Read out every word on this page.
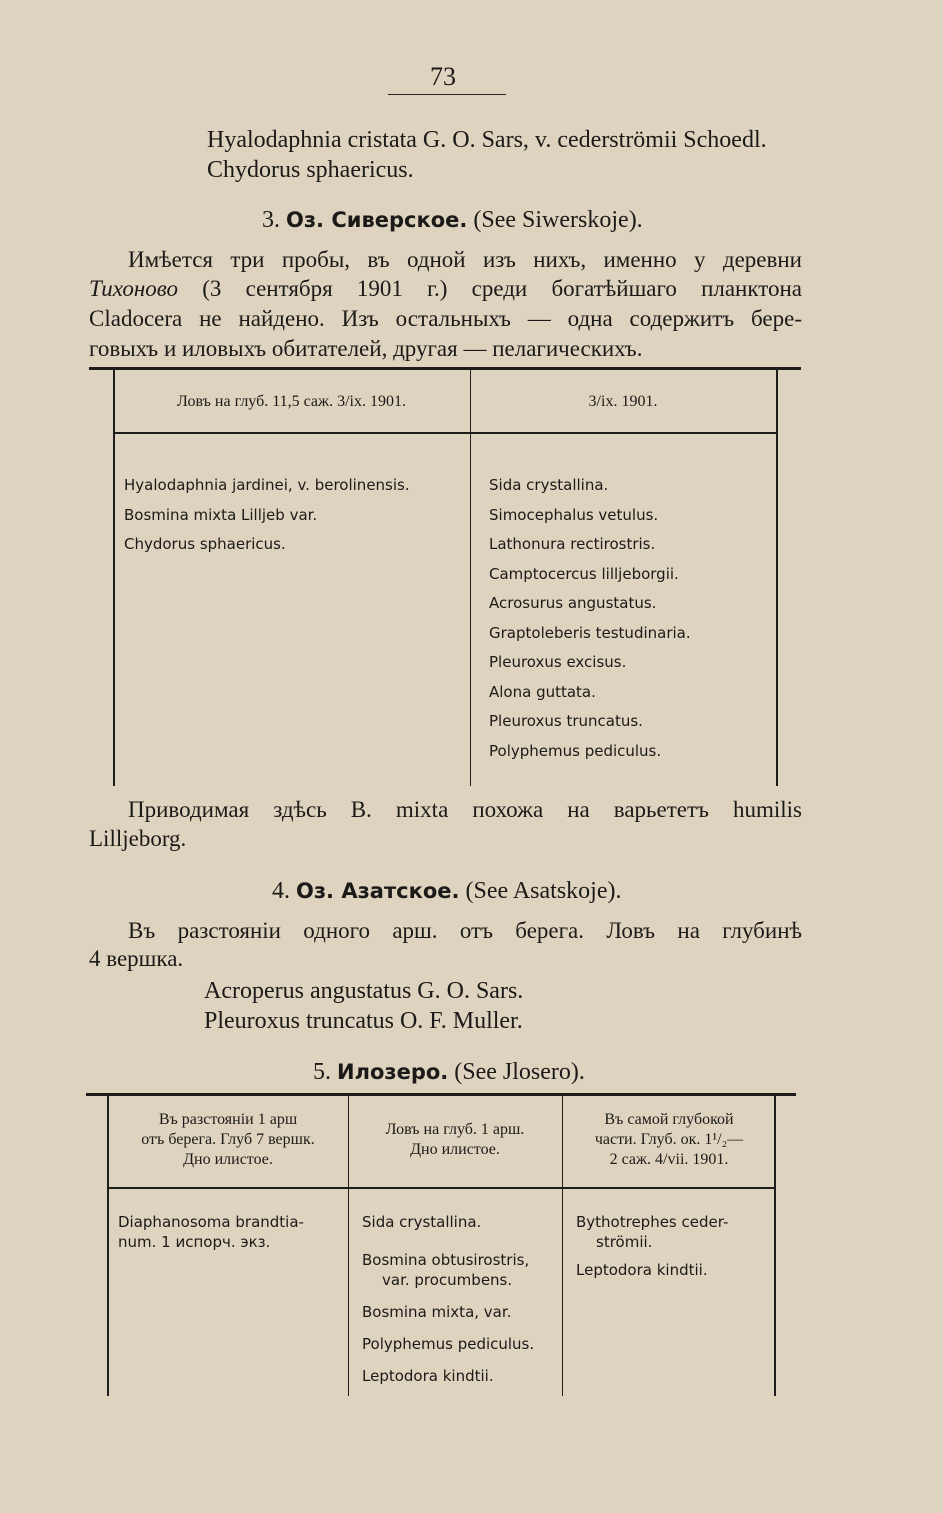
73
Hyalodaphnia cristata G. O. Sars, v. cederströmii Schoedl.
Chydorus sphaericus.
3. Оз. Сиверское. (See Siwerskoje).
Имѣется три пробы, въ одной изъ нихъ, именно у деревни
Тихоново (3 сентября 1901 г.) среди богатѣйшаго планктона
Cladocera не найдено. Изъ остальныхъ — одна содержитъ бере-
говыхъ и иловыхъ обитателей, другая — пелагическихъ.
Ловъ на глуб. 11,5 саж. 3/ix. 1901.	3/ix. 1901.
Hyalodaphnia jardinei, v. berolinensis.
Bosmina mixta Lilljeb var.
Chydorus sphaericus.
Sida crystallina.
Simocephalus vetulus.
Lathonura rectirostris.
Camptocercus lilljeborgii.
Acrosurus angustatus.
Graptoleberis testudinaria.
Pleuroxus excisus.
Alona guttata.
Pleuroxus truncatus.
Polyphemus pediculus.
Приводимая здѣсь B. mixta похожа на варьететъ humilis
Lilljeborg.
4. Оз. Азатское. (See Asatskoje).
Въ разстояніи одного арш. отъ берега. Ловъ на глубинѣ
4 вершка.
Acroperus angustatus G. O. Sars.
Pleuroxus truncatus O. F. Muller.
5. Илозеро. (See Jlosero).
Въ разстояніи 1 арш
отъ берега. Глуб 7 вершк.
Дно илистое.
Ловъ на глуб. 1 арш.
Дно илистое.
Въ самой глубокой
части. Глуб. ок. 1¹/₂—
2 саж. 4/vii. 1901.
Diaphanosoma brandtia-
num. 1 испорч. экз.
Sida crystallina.
Bosmina obtusirostris,
var. procumbens.
Bosmina mixta, var.
Polyphemus pediculus.
Leptodora kindtii.
Bythotrephes ceder-
strömii.
Leptodora kindtii.
